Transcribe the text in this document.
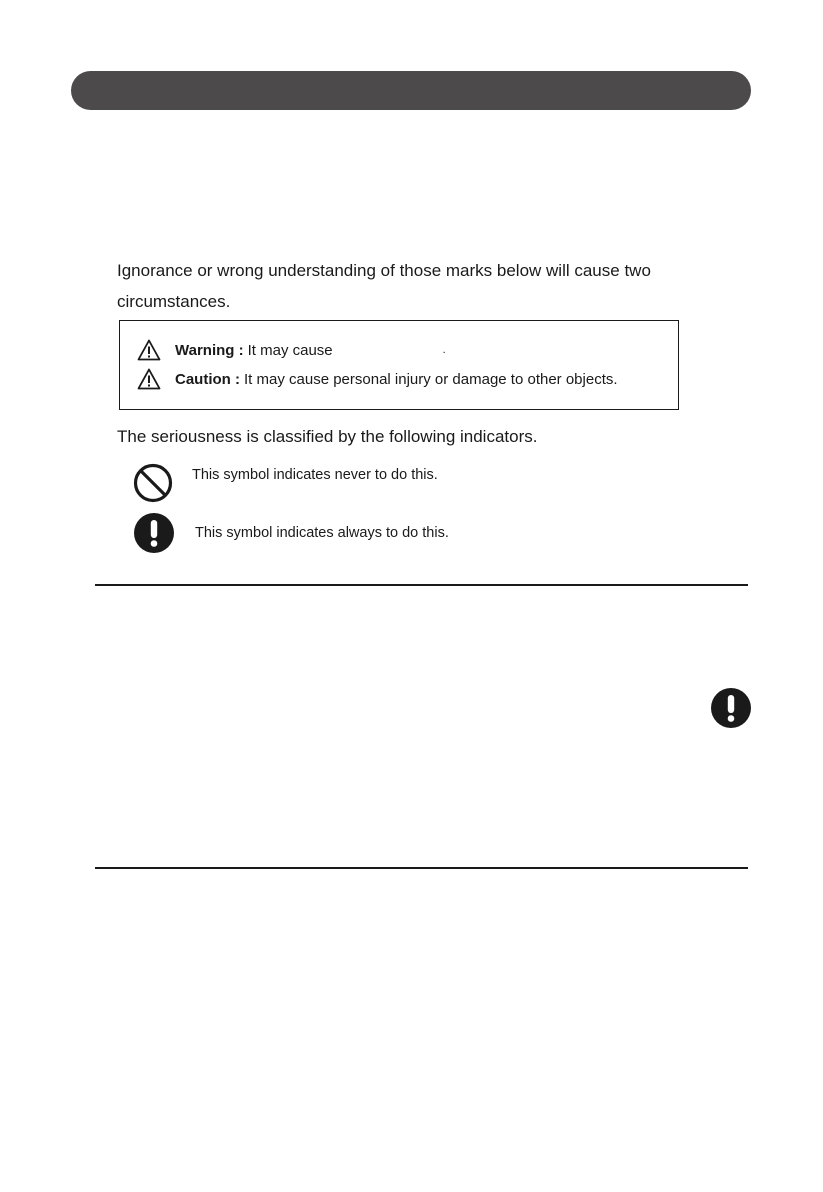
Ignorance or wrong understanding of those marks below will cause two
circumstances.

Warning : It may cause	.
Caution : It may cause personal injury or damage to other objects.

The seriousness is classified by the following indicators.

This symbol indicates never to do this.
This symbol indicates always to do this.
